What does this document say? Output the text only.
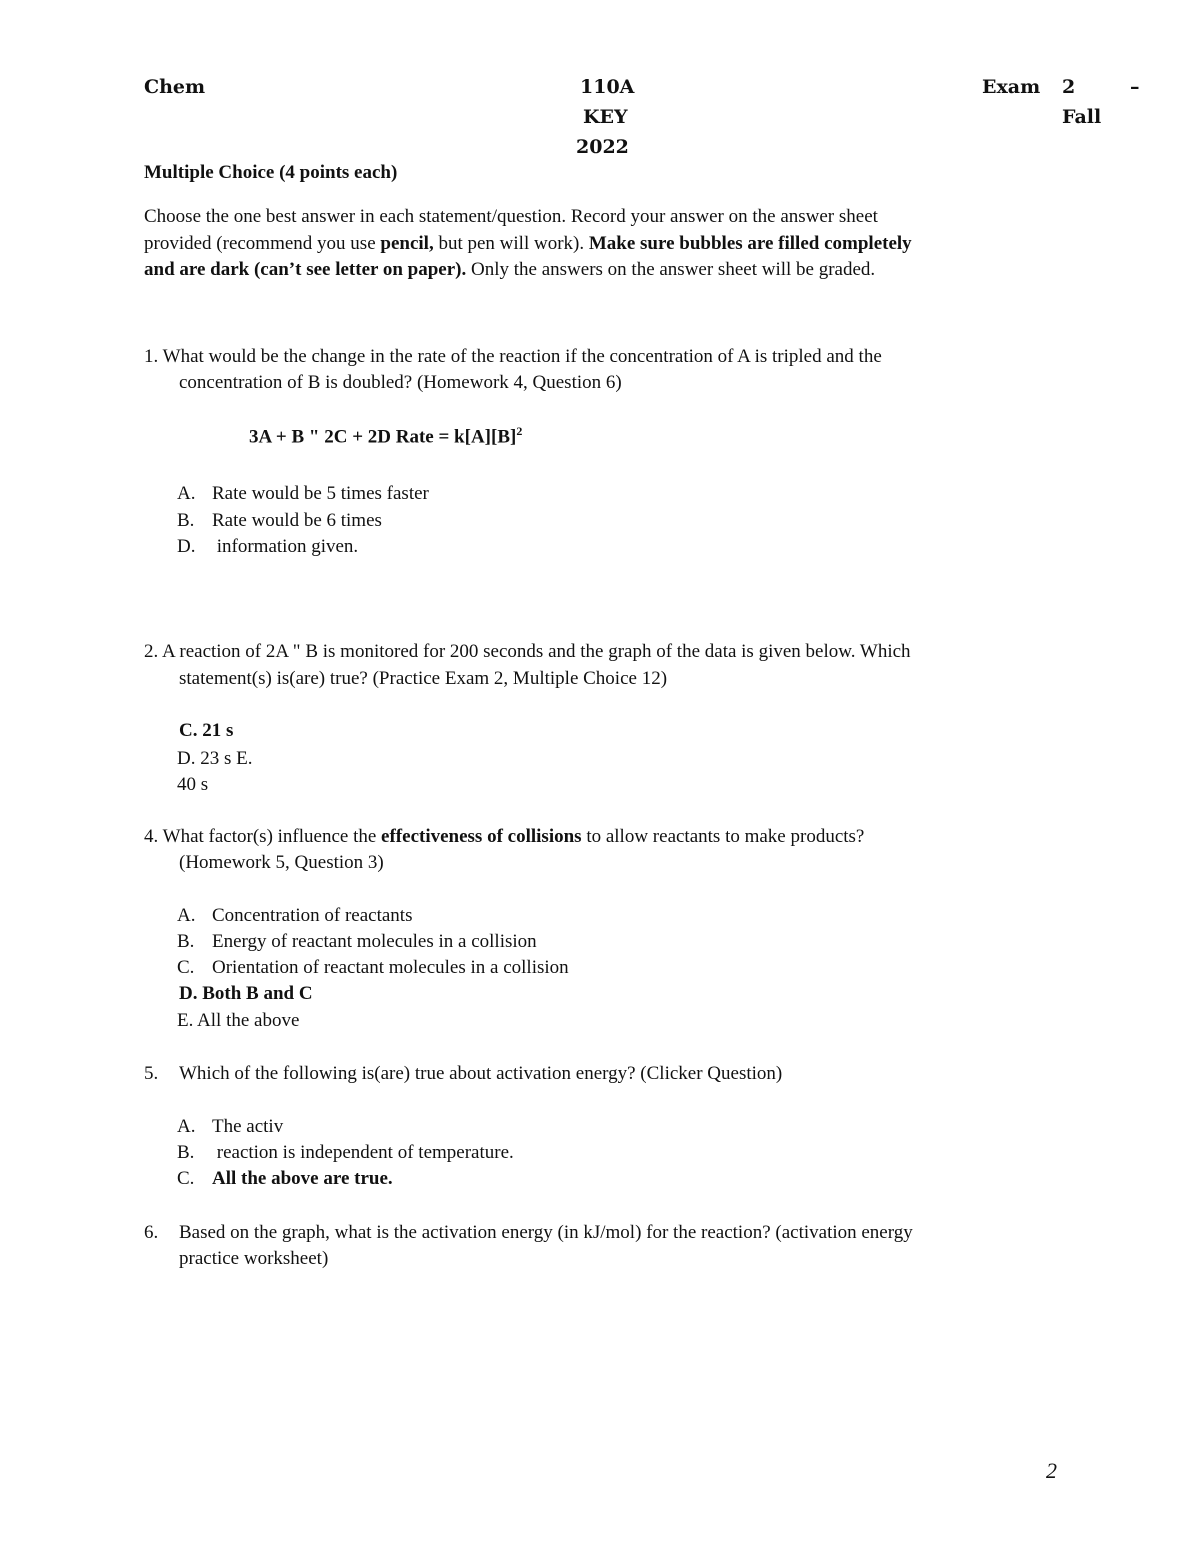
Chem	110A
KEY
2022
Exam 2	–
Fall
Multiple Choice (4 points each)
Choose the one best answer in each statement/question. Record your answer on the answer sheet
provided (recommend you use pencil, but pen will work). Make sure bubbles are filled completely
and are dark (can’t see letter on paper). Only the answers on the answer sheet will be graded.
1. What would be the change in the rate of the reaction if the concentration of A is tripled and the
concentration of B is doubled? (Homework 4, Question 6)
3A + B " 2C + 2D Rate = $k[A][B]^2$
A. Rate would be 5 times faster
B. Rate would be 6 times
D. information given.
2. A reaction of 2A " B is monitored for 200 seconds and the graph of the data is given below. Which
statement(s) is(are) true? (Practice Exam 2, Multiple Choice 12)
C. 21 s
D. 23 s E.
40 s
4. What factor(s) influence the effectiveness of collisions to allow reactants to make products?
(Homework 5, Question 3)
A. Concentration of reactants
B. Energy of reactant molecules in a collision
C. Orientation of reactant molecules in a collision
D. Both B and C
E. All the above
5. Which of the following is(are) true about activation energy? (Clicker Question)
A. The activ
B. reaction is independent of temperature.
C. All the above are true.
6. Based on the graph, what is the activation energy (in kJ/mol) for the reaction? (activation energy
practice worksheet)
2
